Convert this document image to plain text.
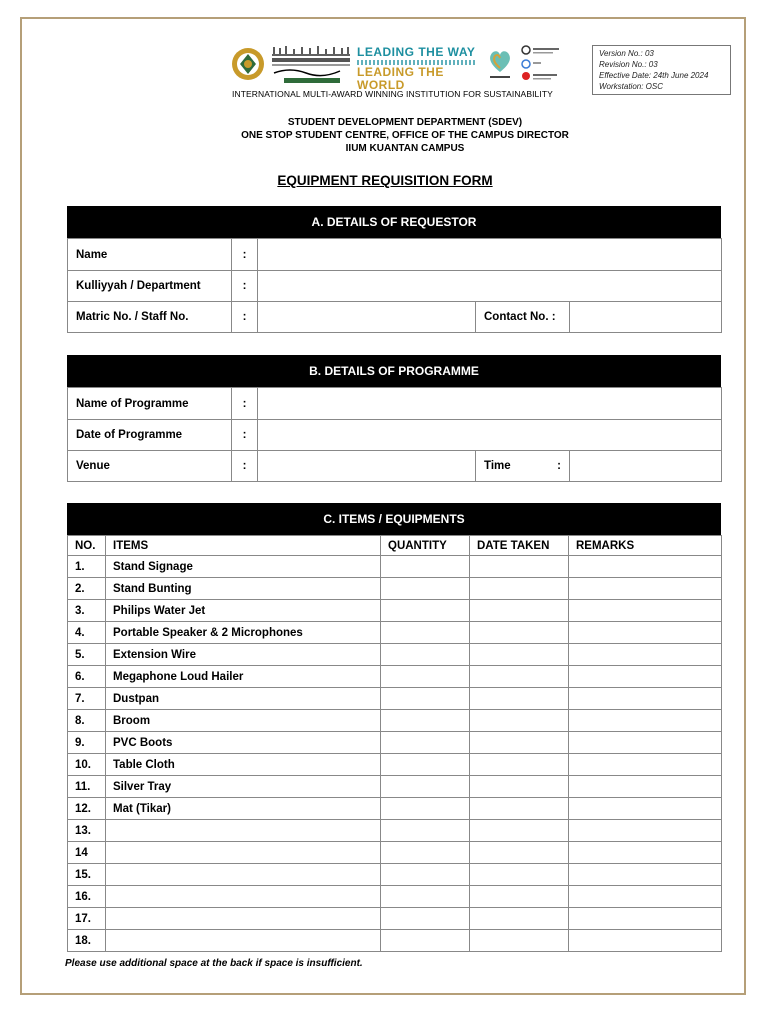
LEADING THE WAY
LEADING THE WORLD
INTERNATIONAL MULTI-AWARD WINNING INSTITUTION FOR SUSTAINABILITY
Version No.: 03
Revision No.: 03
Effective Date: 24th June 2024
Workstation: OSC
STUDENT DEVELOPMENT DEPARTMENT (SDEV)
ONE STOP STUDENT CENTRE, OFFICE OF THE CAMPUS DIRECTOR
IIUM KUANTAN CAMPUS
EQUIPMENT REQUISITION FORM
A. DETAILS OF REQUESTOR
Name	:			
Kulliyyah / Department	:			
Matric No. / Staff No.	:		Contact No. :	
B. DETAILS OF PROGRAMME
Name of Programme	:			
Date of Programme	:			
Venue	:		Time :	

C. ITEMS / EQUIPMENTS
NO.	ITEMS	QUANTITY	DATE TAKEN	REMARKS
1.	Stand Signage			
2.	Stand Bunting			
3.	Philips Water Jet			
4.	Portable Speaker & 2 Microphones			
5.	Extension Wire			
6.	Megaphone Loud Hailer			
7.	Dustpan			
8.	Broom			
9.	PVC Boots			
10.	Table Cloth			
11.	Silver Tray			
12.	Mat (Tikar)			
13.				
14				
15.				
16.				
17.				
18.				
Please use additional space at the back if space is insufficient.
